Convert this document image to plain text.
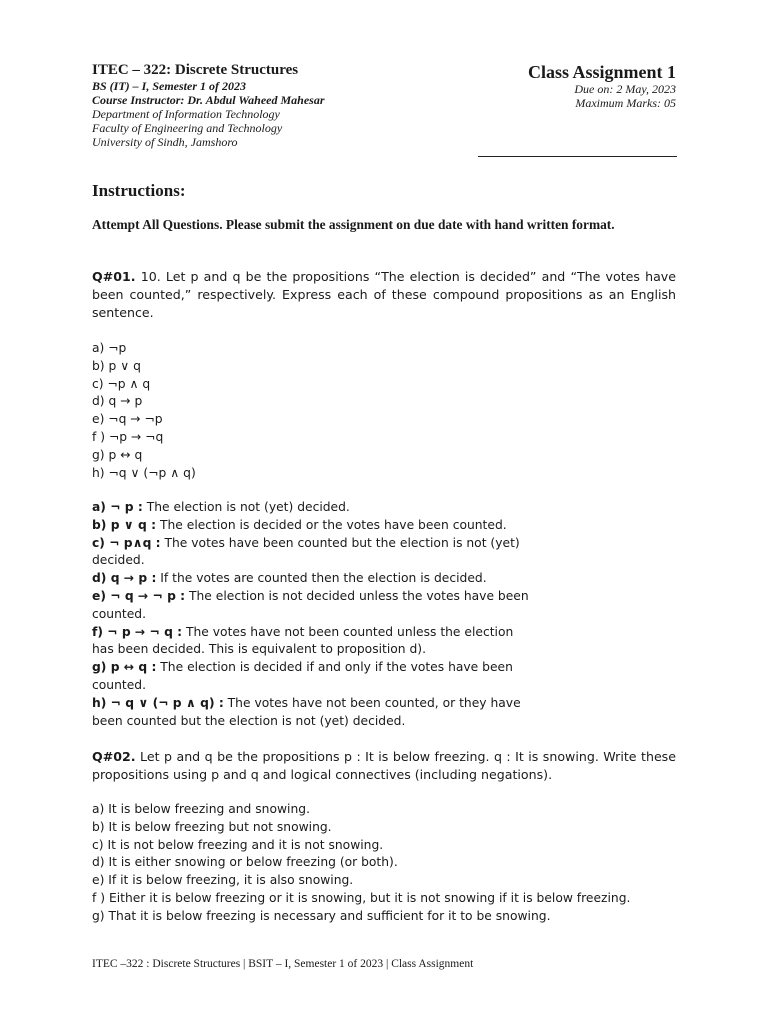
ITEC – 322: Discrete Structures

BS (IT) – I, Semester 1 of 2023

Course Instructor: Dr. Abdul Waheed Mahesar

Department of Information Technology

Faculty of Engineering and Technology

University of Sindh, Jamshoro

Class Assignment 1

Due on: 2 May, 2023

Maximum Marks: 05

Instructions:

Attempt All Questions. Please submit the assignment on due date with hand written format.

Q#01. 10. Let p and q be the propositions “The election is decided” and “The votes have been counted,” respectively. Express each of these compound propositions as an English sentence.

a) ¬p
b) p ∨ q
c) ¬p ∧ q
d) q → p
e) ¬q → ¬p
f ) ¬p → ¬q
g) p ↔ q
h) ¬q ∨ (¬p ∧ q)

a) ¬ p : The election is not (yet) decided.

b) p ∨ q : The election is decided or the votes have been counted.

c) ¬ p∧q : The votes have been counted but the election is not (yet) decided.

d) q → p : If the votes are counted then the election is decided.

e) ¬ q → ¬ p : The election is not decided unless the votes have been counted.

f) ¬ p → ¬ q : The votes have not been counted unless the election has been decided. This is equivalent to proposition d).

g) p ↔ q : The election is decided if and only if the votes have been counted.

h) ¬ q ∨ (¬ p ∧ q) : The votes have not been counted, or they have been counted but the election is not (yet) decided.

Q#02. Let p and q be the propositions p : It is below freezing. q : It is snowing. Write these propositions using p and q and logical connectives (including negations).

a) It is below freezing and snowing.
b) It is below freezing but not snowing.
c) It is not below freezing and it is not snowing.
d) It is either snowing or below freezing (or both).
e) If it is below freezing, it is also snowing.
f ) Either it is below freezing or it is snowing, but it is not snowing if it is below freezing.
g) That it is below freezing is necessary and sufficient for it to be snowing.

ITEC –322 : Discrete Structures | BSIT – I, Semester 1 of 2023 | Class Assignment
